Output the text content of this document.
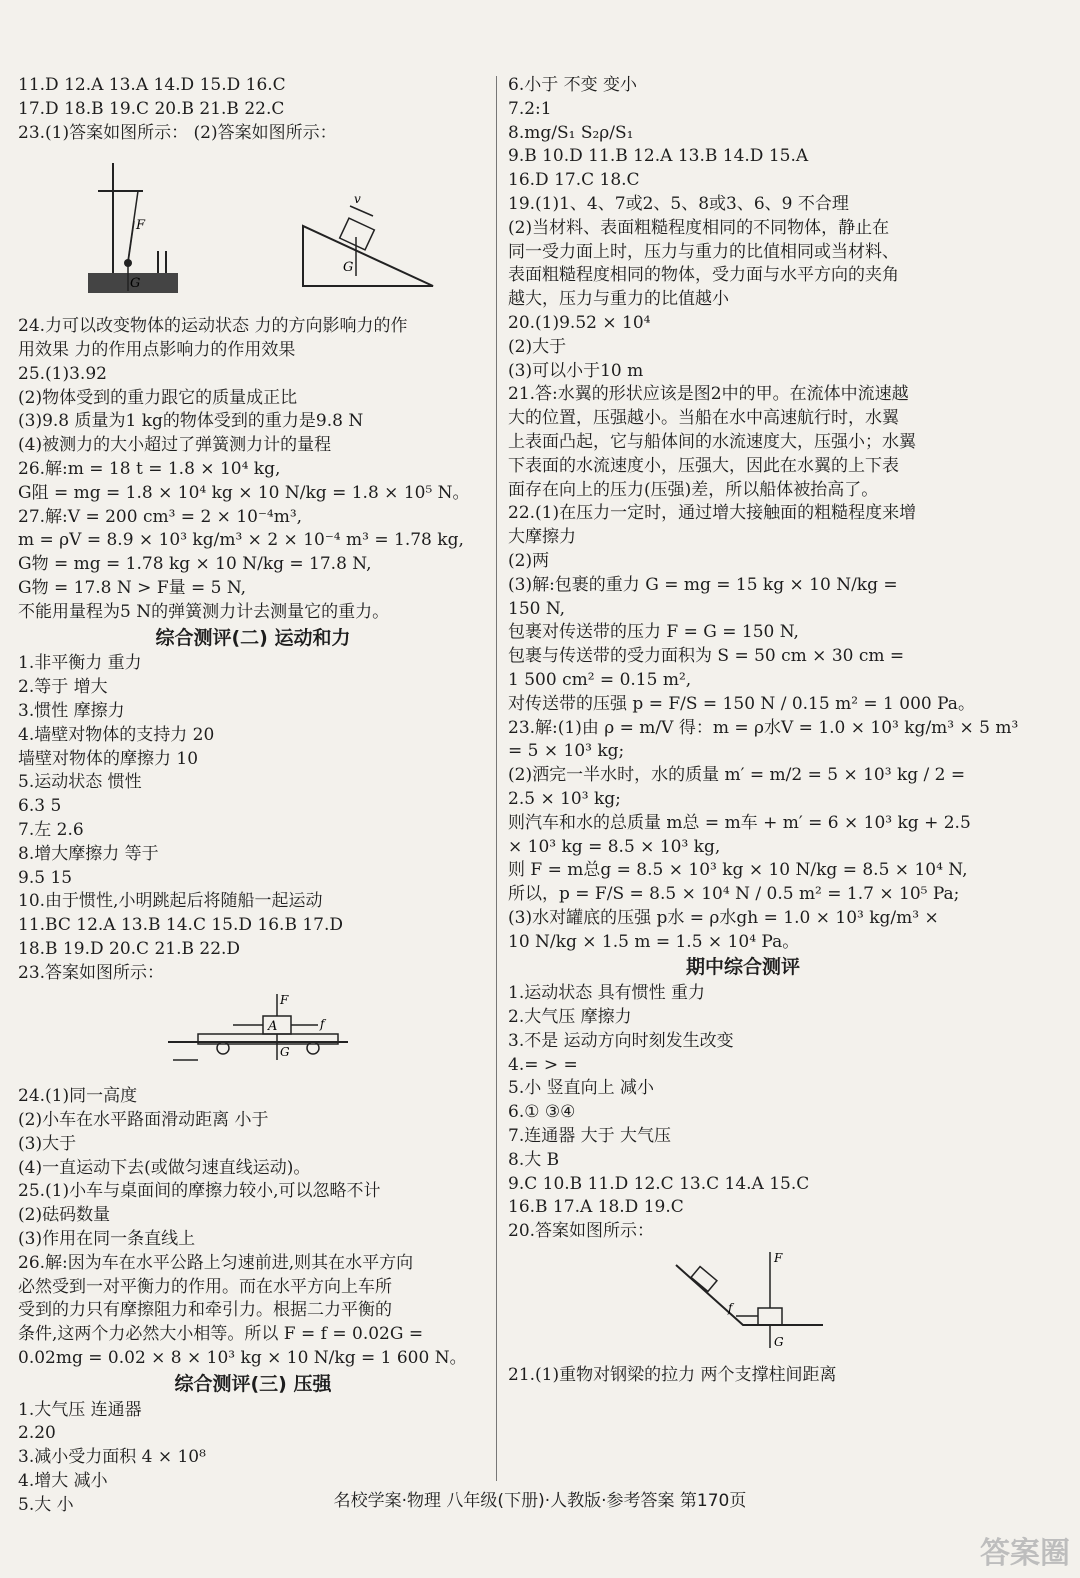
11.D 12.A 13.A 14.D 15.D 16.C
17.D 18.B 19.C 20.B 21.B 22.C
23.(1)答案如图所示： (2)答案如图所示：
F
G
G
v
24.力可以改变物体的运动状态 力的方向影响力的作
用效果 力的作用点影响力的作用效果
25.(1)3.92
(2)物体受到的重力跟它的质量成正比
(3)9.8 质量为1 kg的物体受到的重力是9.8 N
(4)被测力的大小超过了弹簧测力计的量程
26.解:m = 18 t = 1.8 × 10⁴ kg,
G阻 = mg = 1.8 × 10⁴ kg × 10 N/kg = 1.8 × 10⁵ N。
27.解:V = 200 cm³ = 2 × 10⁻⁴m³,
m = ρV = 8.9 × 10³ kg/m³ × 2 × 10⁻⁴ m³ = 1.78 kg,
G物 = mg = 1.78 kg × 10 N/kg = 17.8 N,
G物 = 17.8 N > F量 = 5 N,
不能用量程为5 N的弹簧测力计去测量它的重力。
综合测评(二) 运动和力
1.非平衡力 重力
2.等于 增大
3.惯性 摩擦力
4.墙壁对物体的支持力 20
墙壁对物体的摩擦力 10
5.运动状态 惯性
6.3 5
7.左 2.6
8.增大摩擦力 等于
9.5 15
10.由于惯性,小明跳起后将随船一起运动
11.BC 12.A 13.B 14.C 15.D 16.B 17.D
18.B 19.D 20.C 21.B 22.D
23.答案如图所示：
A
F
f
G
24.(1)同一高度
(2)小车在水平路面滑动距离 小于
(3)大于
(4)一直运动下去(或做匀速直线运动)。
25.(1)小车与桌面间的摩擦力较小,可以忽略不计
(2)砝码数量
(3)作用在同一条直线上
26.解:因为车在水平公路上匀速前进,则其在水平方向
必然受到一对平衡力的作用。而在水平方向上车所
受到的力只有摩擦阻力和牵引力。根据二力平衡的
条件,这两个力必然大小相等。所以 F = f = 0.02G =
0.02mg = 0.02 × 8 × 10³ kg × 10 N/kg = 1 600 N。
综合测评(三) 压强
1.大气压 连通器
2.20
3.减小受力面积 4 × 10⁸
4.增大 减小
5.大 小
6.小于 不变 变小
7.2:1
8.mg/S₁ S₂ρ/S₁
9.B 10.D 11.B 12.A 13.B 14.D 15.A
16.D 17.C 18.C
19.(1)1、4、7或2、5、8或3、6、9 不合理
(2)当材料、表面粗糙程度相同的不同物体，静止在
同一受力面上时，压力与重力的比值相同或当材料、
表面粗糙程度相同的物体，受力面与水平方向的夹角
越大，压力与重力的比值越小
20.(1)9.52 × 10⁴
(2)大于
(3)可以小于10 m
21.答:水翼的形状应该是图2中的甲。在流体中流速越
大的位置，压强越小。当船在水中高速航行时，水翼
上表面凸起，它与船体间的水流速度大，压强小；水翼
下表面的水流速度小，压强大，因此在水翼的上下表
面存在向上的压力(压强)差，所以船体被抬高了。
22.(1)在压力一定时，通过增大接触面的粗糙程度来增
大摩擦力
(2)两
(3)解:包裹的重力 G = mg = 15 kg × 10 N/kg =
150 N,
包裹对传送带的压力 F = G = 150 N,
包裹与传送带的受力面积为 S = 50 cm × 30 cm =
1 500 cm² = 0.15 m²,
对传送带的压强 p = F/S = 150 N / 0.15 m² = 1 000 Pa。
23.解:(1)由 ρ = m/V 得：m = ρ水V = 1.0 × 10³ kg/m³ × 5 m³
= 5 × 10³ kg;
(2)洒完一半水时，水的质量 m′ = m/2 = 5 × 10³ kg / 2 =
2.5 × 10³ kg;
则汽车和水的总质量 m总 = m车 + m′ = 6 × 10³ kg + 2.5
× 10³ kg = 8.5 × 10³ kg,
则 F = m总g = 8.5 × 10³ kg × 10 N/kg = 8.5 × 10⁴ N,
所以，p = F/S = 8.5 × 10⁴ N / 0.5 m² = 1.7 × 10⁵ Pa;
(3)水对罐底的压强 p水 = ρ水gh = 1.0 × 10³ kg/m³ ×
10 N/kg × 1.5 m = 1.5 × 10⁴ Pa。
期中综合测评
1.运动状态 具有惯性 重力
2.大气压 摩擦力
3.不是 运动方向时刻发生改变
4.= > =
5.小 竖直向上 减小
6.① ③④
7.连通器 大于 大气压
8.大 B
9.C 10.B 11.D 12.C 13.C 14.A 15.C
16.B 17.A 18.D 19.C
20.答案如图所示：
F
f
G
21.(1)重物对钢梁的拉力 两个支撑柱间距离
名校学案·物理 八年级(下册)·人教版·参考答案 第170页
答案圈
